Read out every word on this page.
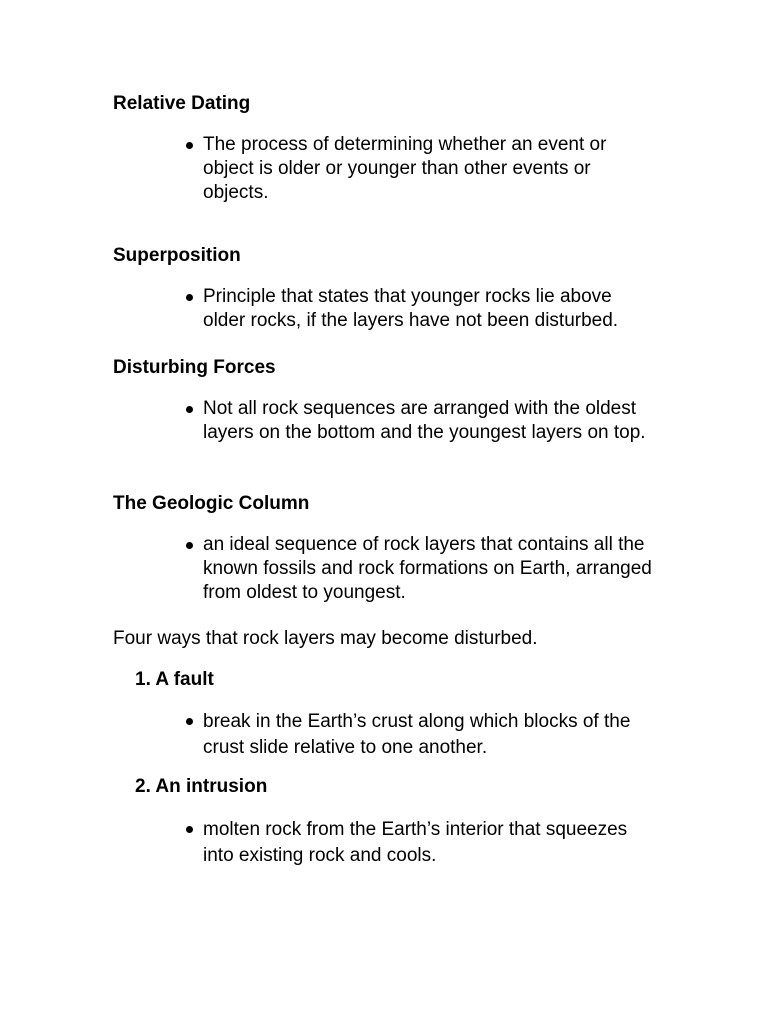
Relative Dating
The process of determining whether an event or object is older or younger than other events or objects.
Superposition
Principle that states that younger rocks lie above older rocks, if the layers have not been disturbed.
Disturbing Forces
Not all rock sequences are arranged with the oldest layers on the bottom and the youngest layers on top.
The Geologic Column
an ideal sequence of rock layers that contains all the known fossils and rock formations on Earth, arranged from oldest to youngest.
Four ways that rock layers may become disturbed.
1. A fault
break in the Earth’s crust along which blocks of the crust slide relative to one another.
2. An intrusion
molten rock from the Earth’s interior that squeezes into existing rock and cools.
